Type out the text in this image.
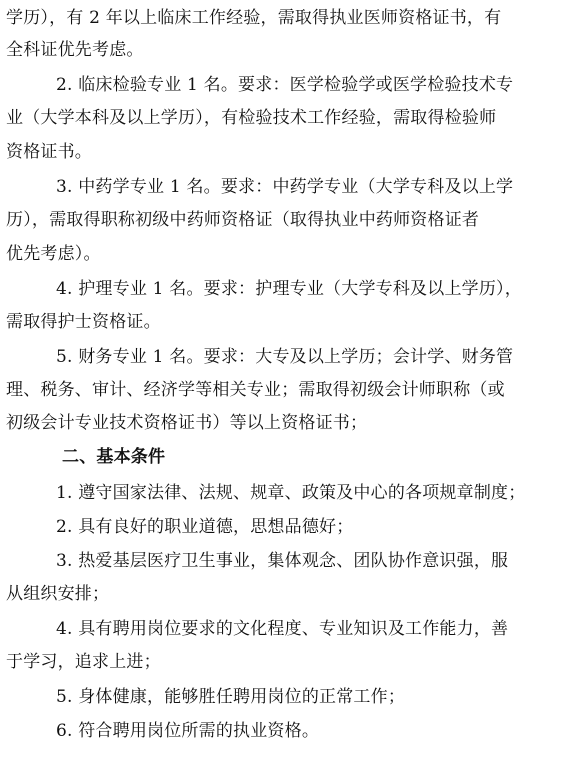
学历），有 2 年以上临床工作经验，需取得执业医师资格证书，有
全科证优先考虑。
2. 临床检验专业 1 名。要求：医学检验学或医学检验技术专
业（大学本科及以上学历），有检验技术工作经验，需取得检验师
资格证书。
3. 中药学专业 1 名。要求：中药学专业（大学专科及以上学
历），需取得职称初级中药师资格证（取得执业中药师资格证者
优先考虑）。
4. 护理专业 1 名。要求：护理专业（大学专科及以上学历），
需取得护士资格证。
5. 财务专业 1 名。要求：大专及以上学历；会计学、财务管
理、税务、审计、经济学等相关专业；需取得初级会计师职称（或
初级会计专业技术资格证书）等以上资格证书；
二、基本条件
1. 遵守国家法律、法规、规章、政策及中心的各项规章制度；
2. 具有良好的职业道德，思想品德好；
3. 热爱基层医疗卫生事业，集体观念、团队协作意识强，服
从组织安排；
4. 具有聘用岗位要求的文化程度、专业知识及工作能力，善
于学习，追求上进；
5. 身体健康，能够胜任聘用岗位的正常工作；
6. 符合聘用岗位所需的执业资格。
